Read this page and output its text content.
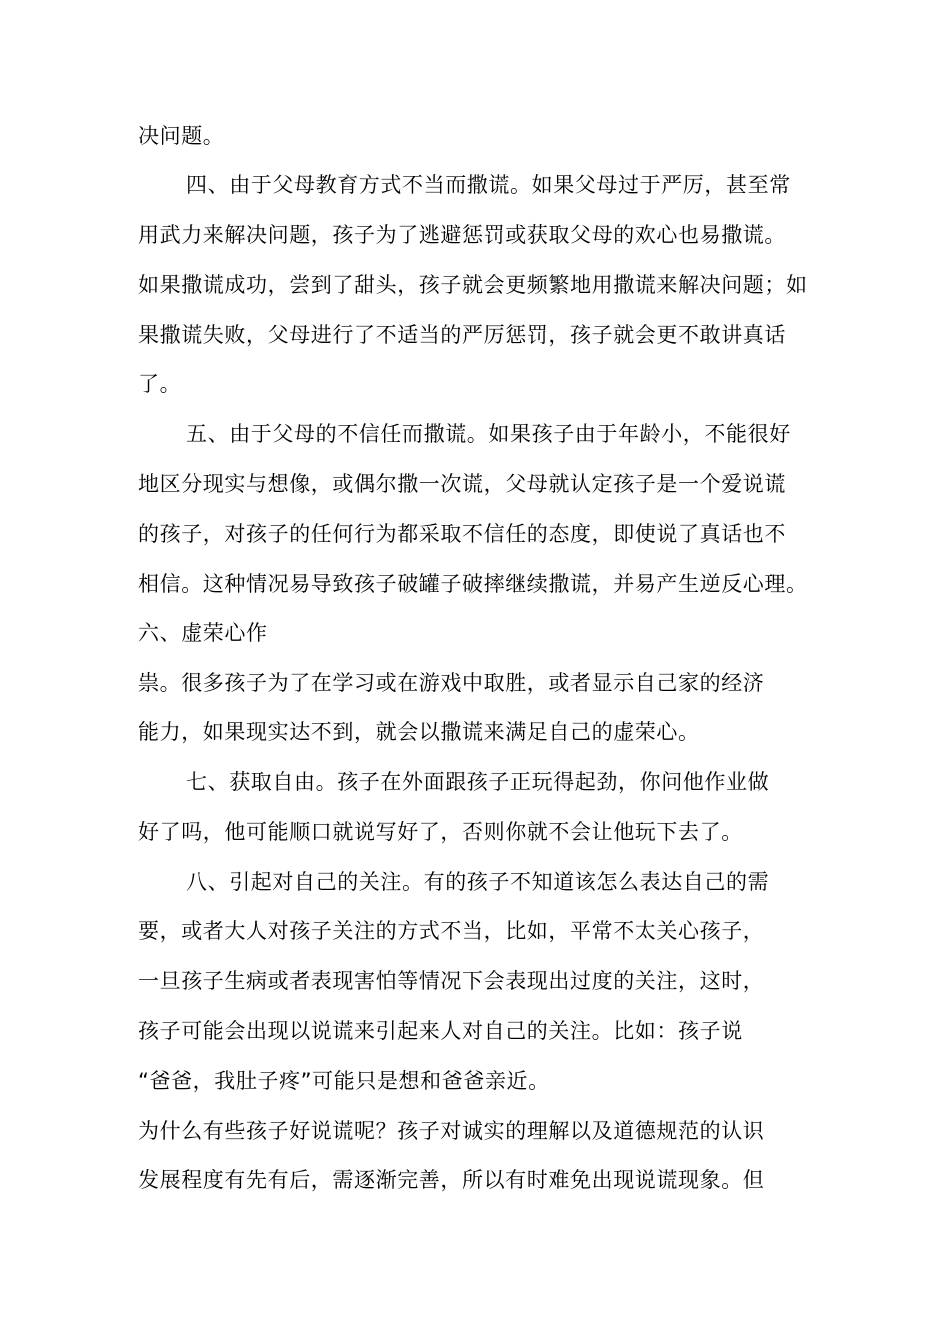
决问题。
四、由于父母教育方式不当而撒谎。如果父母过于严厉，甚至常
用武力来解决问题，孩子为了逃避惩罚或获取父母的欢心也易撒谎。
如果撒谎成功，尝到了甜头，孩子就会更频繁地用撒谎来解决问题；如
果撒谎失败，父母进行了不适当的严厉惩罚，孩子就会更不敢讲真话
了。
五、由于父母的不信任而撒谎。如果孩子由于年龄小，不能很好
地区分现实与想像，或偶尔撒一次谎，父母就认定孩子是一个爱说谎
的孩子，对孩子的任何行为都采取不信任的态度，即使说了真话也不
相信。这种情况易导致孩子破罐子破摔继续撒谎，并易产生逆反心理。
六、虚荣心作
祟。很多孩子为了在学习或在游戏中取胜，或者显示自己家的经济
能力，如果现实达不到，就会以撒谎来满足自己的虚荣心。
七、获取自由。孩子在外面跟孩子正玩得起劲，你问他作业做
好了吗，他可能顺口就说写好了，否则你就不会让他玩下去了。
八、引起对自己的关注。有的孩子不知道该怎么表达自己的需
要，或者大人对孩子关注的方式不当，比如，平常不太关心孩子，
一旦孩子生病或者表现害怕等情况下会表现出过度的关注，这时，
孩子可能会出现以说谎来引起来人对自己的关注。比如：孩子说
“爸爸，我肚子疼”可能只是想和爸爸亲近。
为什么有些孩子好说谎呢？孩子对诚实的理解以及道德规范的认识
发展程度有先有后，需逐渐完善，所以有时难免出现说谎现象。但
